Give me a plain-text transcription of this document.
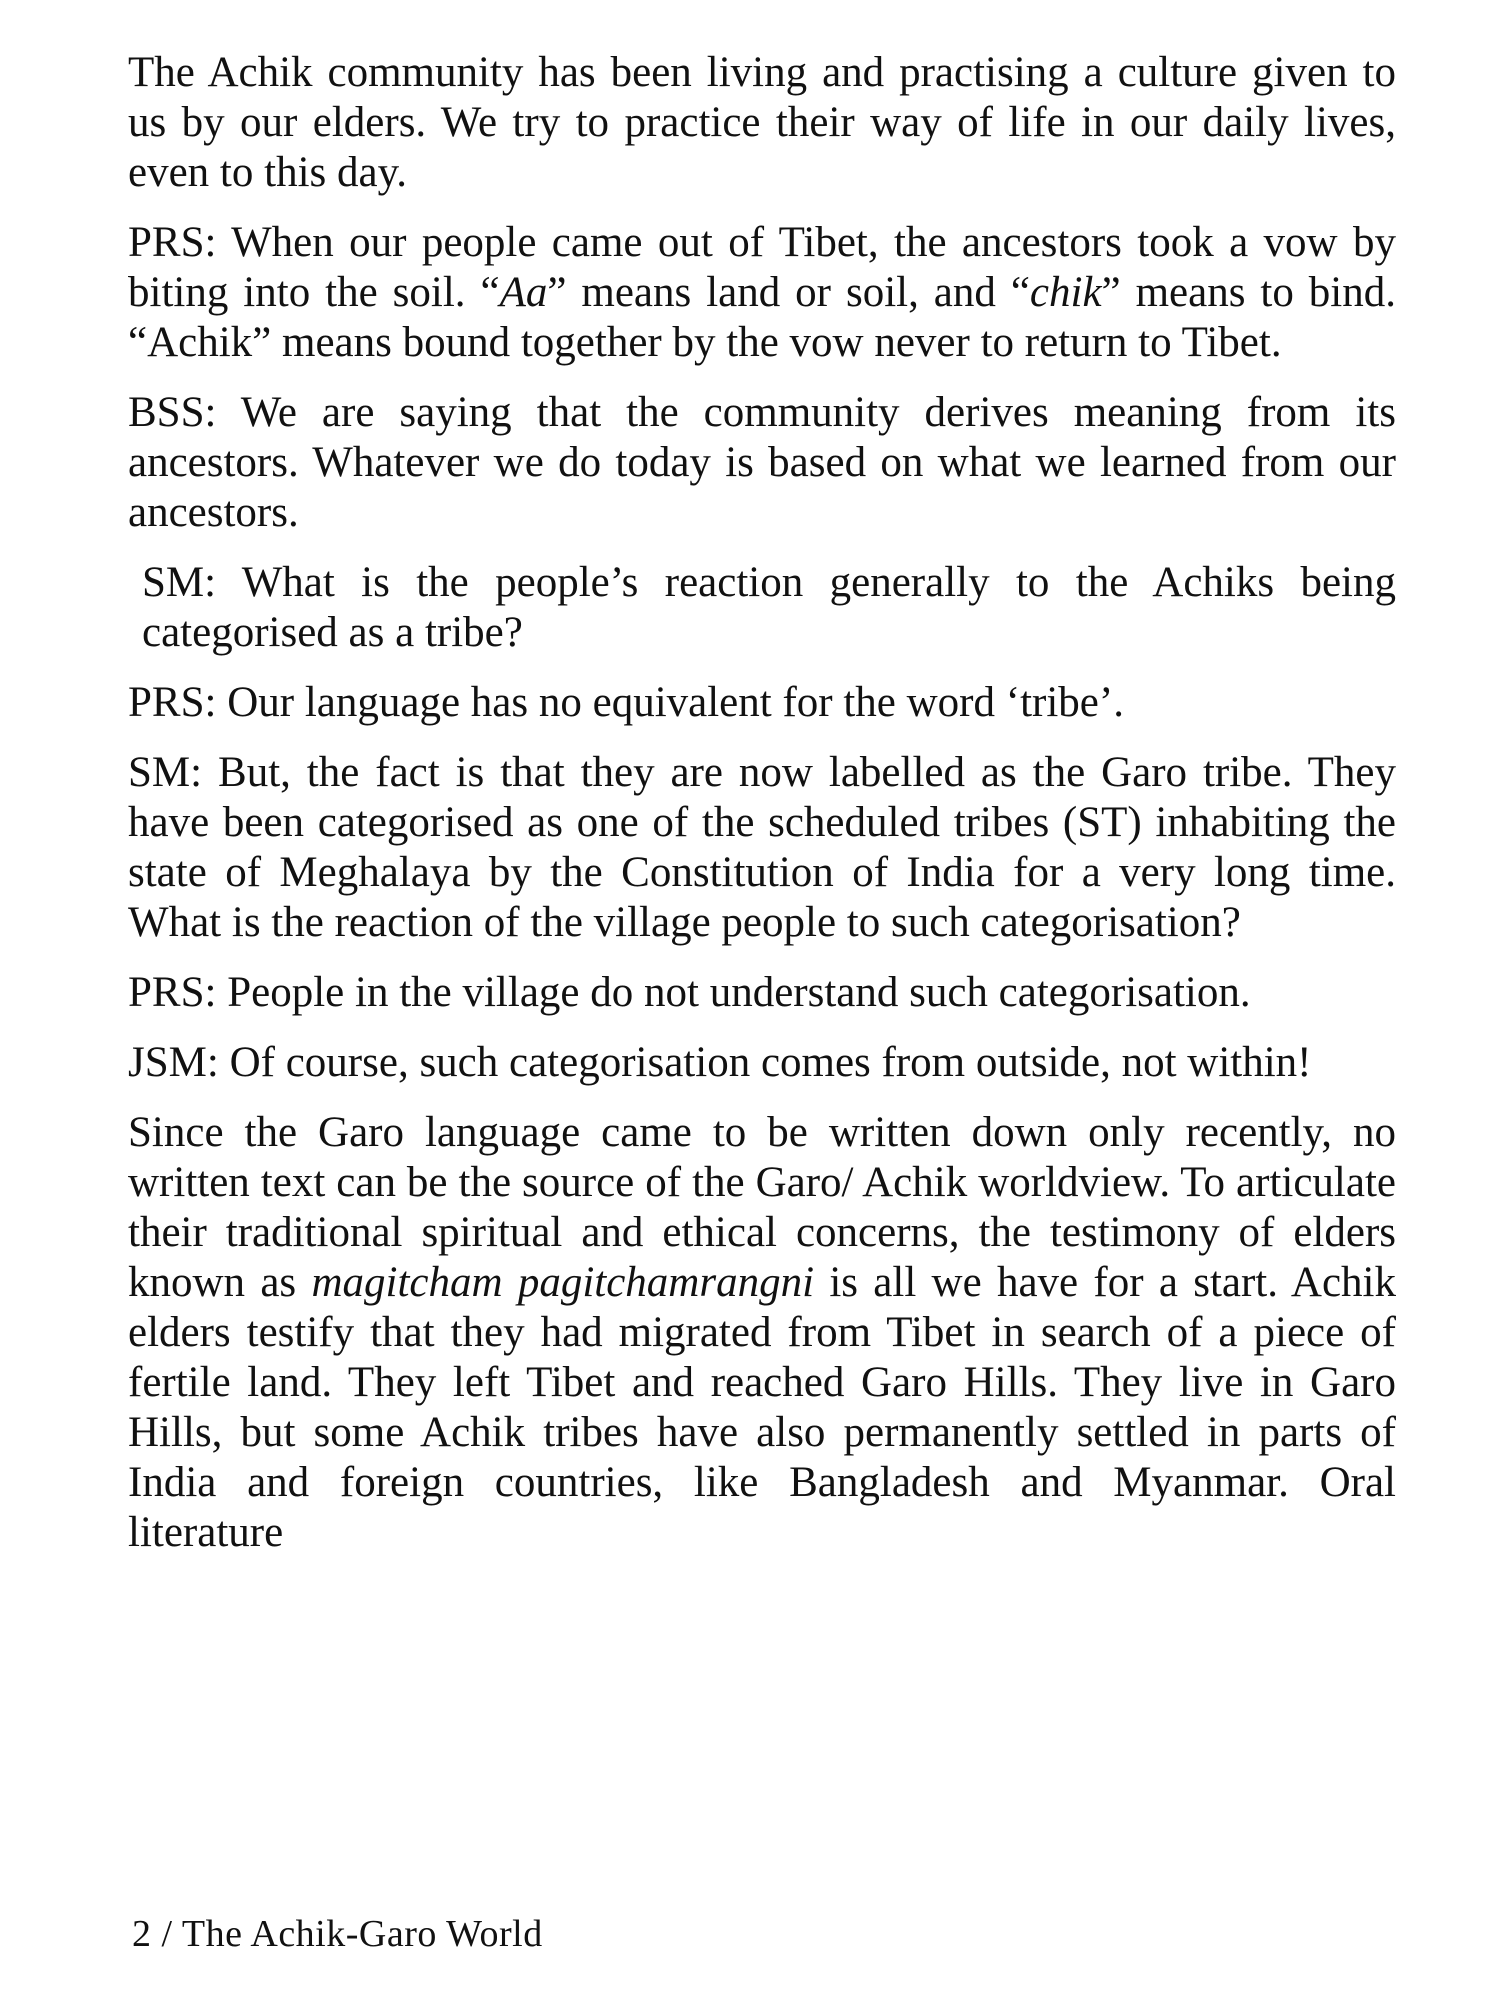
The Achik community has been living and practising a culture given to us by our elders. We try to practice their way of life in our daily lives, even to this day.

PRS: When our people came out of Tibet, the ancestors took a vow by biting into the soil. “Aa” means land or soil, and “chik” means to bind. “Achik” means bound together by the vow never to return to Tibet.

BSS: We are saying that the community derives meaning from its ancestors. Whatever we do today is based on what we learned from our ancestors.

SM: What is the people’s reaction generally to the Achiks being categorised as a tribe?

PRS: Our language has no equivalent for the word ‘tribe’.

SM: But, the fact is that they are now labelled as the Garo tribe. They have been categorised as one of the scheduled tribes (ST) inhabiting the state of Meghalaya by the Constitution of India for a very long time. What is the reaction of the village people to such categorisation?

PRS: People in the village do not understand such categorisation.

JSM: Of course, such categorisation comes from outside, not within!

Since the Garo language came to be written down only recently, no written text can be the source of the Garo/ Achik worldview. To articulate their traditional spiritual and ethical concerns, the testimony of elders known as magitcham pagitchamrangni is all we have for a start. Achik elders testify that they had migrated from Tibet in search of a piece of fertile land. They left Tibet and reached Garo Hills. They live in Garo Hills, but some Achik tribes have also permanently settled in parts of India and foreign countries, like Bangladesh and Myanmar. Oral literature

2 / The Achik-Garo World
